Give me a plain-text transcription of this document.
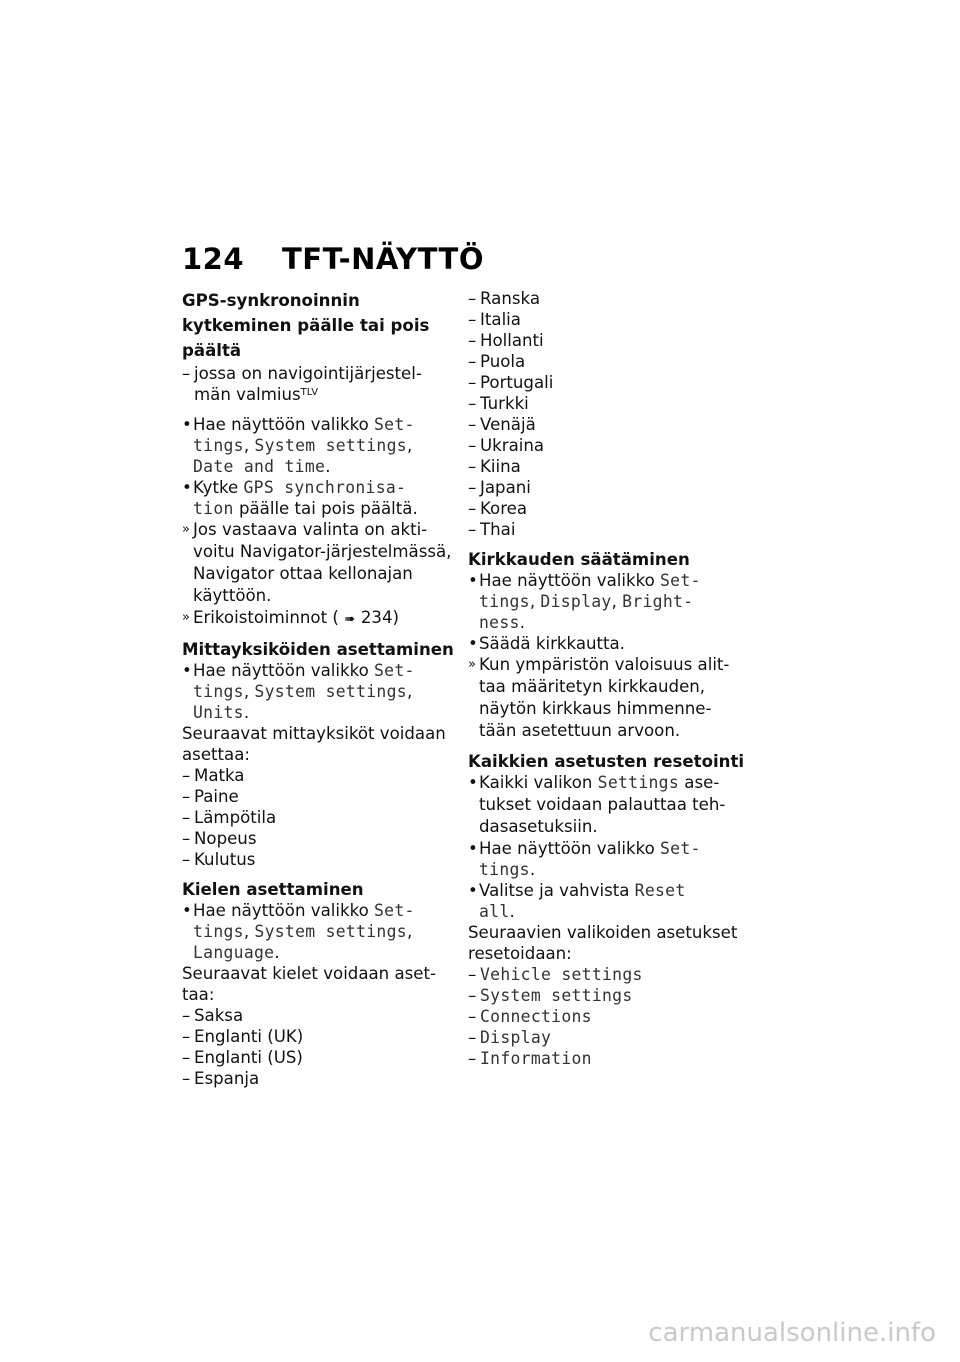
124	TFT-NÄYTTÖ

GPS-synkronoinnin kytkeminen päälle tai pois päältä

– jossa on navigointijärjestel-
män valmius$^{TLV}$
• Hae näyttöön valikko Set-
tings, System settings,
Date and time.
• Kytke GPS synchronisa-
tion päälle tai pois päältä.
» Jos vastaava valinta on akti-
voitu Navigator-järjestelmässä,
Navigator ottaa kellonajan
käyttöön.
» Erikoistoiminnot ( ➠ 234)

Mittayksiköiden asettaminen

• Hae näyttöön valikko Set-
tings, System settings,
Units.

Seuraavat mittayksiköt voidaan

asettaa:

– Matka
– Paine
– Lämpötila
– Nopeus
– Kulutus

Kielen asettaminen

• Hae näyttöön valikko Set-
tings, System settings,
Language.

Seuraavat kielet voidaan aset-

taa:

– Saksa
– Englanti (UK)
– Englanti (US)
– Espanja
– Ranska
– Italia
– Hollanti
– Puola
– Portugali
– Turkki
– Venäjä
– Ukraina
– Kiina
– Japani
– Korea
– Thai

Kirkkauden säätäminen

• Hae näyttöön valikko Set-
tings, Display, Bright-
ness.
• Säädä kirkkautta.
» Kun ympäristön valoisuus alit-
taa määritetyn kirkkauden,
näytön kirkkaus himmenne-
tään asetettuun arvoon.

Kaikkien asetusten resetointi

• Kaikki valikon Settings ase-
tukset voidaan palauttaa teh-
dasasetuksiin.
• Hae näyttöön valikko Set-
tings.
• Valitse ja vahvista Reset
all.

Seuraavien valikoiden asetukset

resetoidaan:

– Vehicle settings
– System settings
– Connections
– Display
– Information
carmanualsonline.info
